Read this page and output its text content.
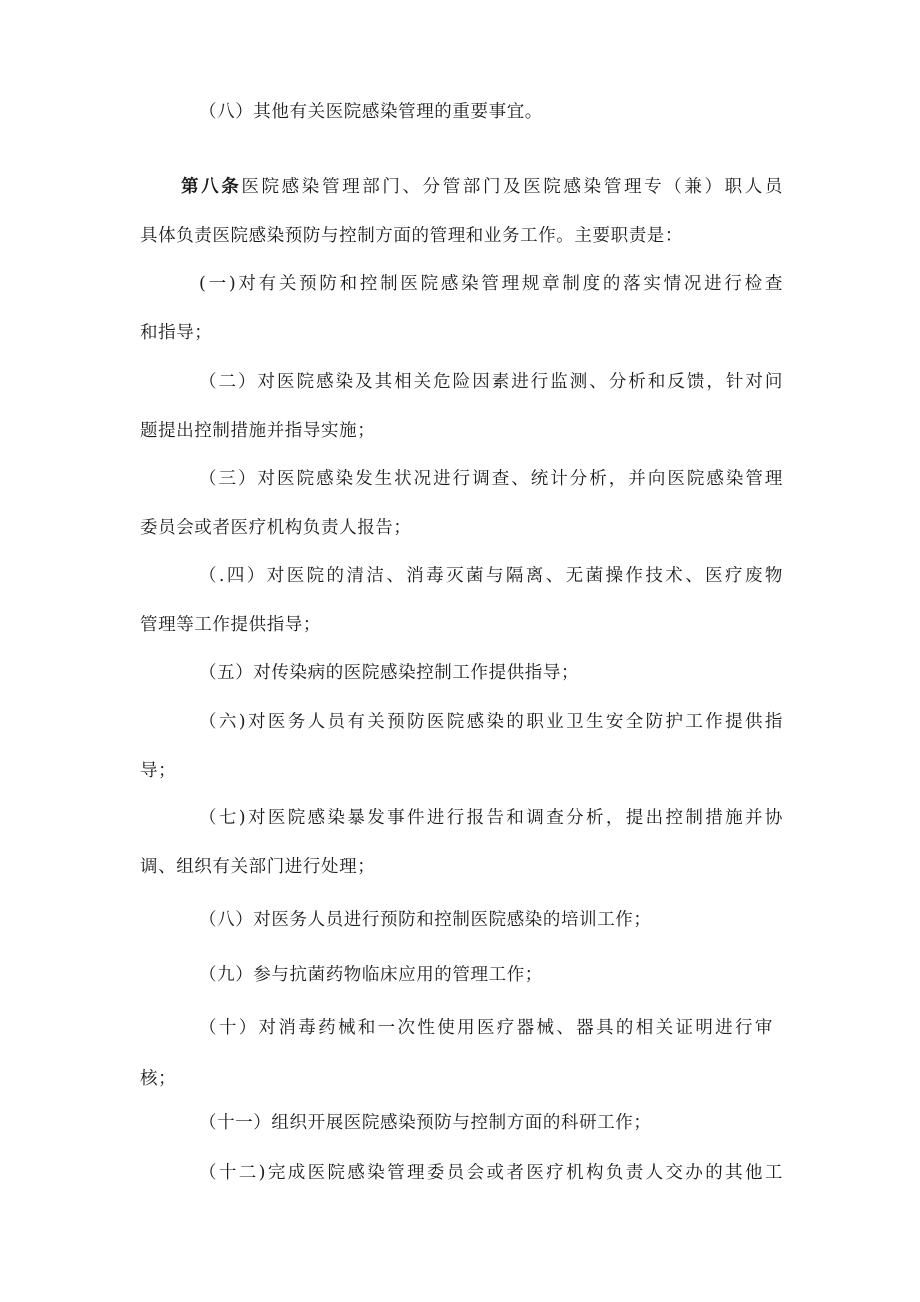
（八）其他有关医院感染管理的重要事宜。
第八条医院感染管理部门、分管部门及医院感染管理专（兼）职人员
具体负责医院感染预防与控制方面的管理和业务工作。主要职责是：
(一)对有关预防和控制医院感染管理规章制度的落实情况进行检查
和指导；
（二）对医院感染及其相关危险因素进行监测、分析和反馈，针对问
题提出控制措施并指导实施；
（三）对医院感染发生状况进行调查、统计分析，并向医院感染管理
委员会或者医疗机构负责人报告；
（.四）对医院的清洁、消毒灭菌与隔离、无菌操作技术、医疗废物
管理等工作提供指导；
（五）对传染病的医院感染控制工作提供指导；
（六)对医务人员有关预防医院感染的职业卫生安全防护工作提供指
导；
（七)对医院感染暴发事件进行报告和调查分析，提出控制措施并协
调、组织有关部门进行处理；
（八）对医务人员进行预防和控制医院感染的培训工作；
（九）参与抗菌药物临床应用的管理工作；
（十）对消毒药械和一次性使用医疗器械、器具的相关证明进行审
核；
（十一）组织开展医院感染预防与控制方面的科研工作；
（十二)完成医院感染管理委员会或者医疗机构负责人交办的其他工
